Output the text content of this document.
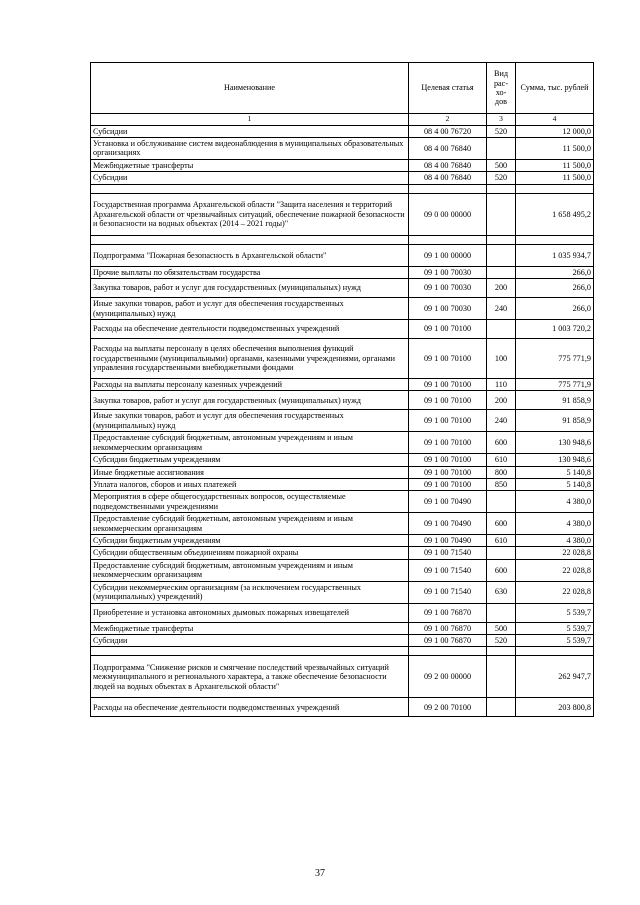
Наименование	Целевая статья	Вид рас- хо- дов	Сумма, тыс. рублей
1	2	3	4
Субсидии	08 4 00 76720	520	12 000,0
Установка и обслуживание систем видеонаблюдения в муниципальных образовательных организациях	08 4 00 76840		11 500,0
Межбюджетные трансферты	08 4 00 76840	500	11 500,0
Субсидии	08 4 00 76840	520	11 500,0

Государственная программа Архангельской области "Защита населения и территорий Архангельской области от чрезвычайных ситуаций, обеспечение пожарной безопасности и безопасности на водных объектах (2014 – 2021 годы)"	09 0 00 00000		1 658 495,2

Подпрограмма "Пожарная безопасность в Архангельской области"	09 1 00 00000		1 035 934,7
Прочие выплаты по обязательствам государства	09 1 00 70030		266,0
Закупка товаров, работ и услуг для государственных (муниципальных) нужд	09 1 00 70030	200	266,0
Иные закупки товаров, работ и услуг для обеспечения государственных (муниципальных) нужд	09 1 00 70030	240	266,0
Расходы на обеспечение деятельности подведомственных учреждений	09 1 00 70100		1 003 720,2
Расходы на выплаты персоналу в целях обеспечения выполнения функций государственными (муниципальными) органами, казенными учреждениями, органами управления государственными внебюджетными фондами	09 1 00 70100	100	775 771,9
Расходы на выплаты персоналу казенных учреждений	09 1 00 70100	110	775 771,9
Закупка товаров, работ и услуг для государственных (муниципальных) нужд	09 1 00 70100	200	91 858,9
Иные закупки товаров, работ и услуг для обеспечения государственных (муниципальных) нужд	09 1 00 70100	240	91 858,9
Предоставление субсидий бюджетным, автономным учреждениям и иным некоммерческим организациям	09 1 00 70100	600	130 948,6
Субсидии бюджетным учреждениям	09 1 00 70100	610	130 948,6
Иные бюджетные ассигнования	09 1 00 70100	800	5 140,8
Уплата налогов, сборов и иных платежей	09 1 00 70100	850	5 140,8
Мероприятия в сфере общегосударственных вопросов, осуществляемые подведомственными учреждениями	09 1 00 70490		4 380,0
Предоставление субсидий бюджетным, автономным учреждениям и иным некоммерческим организациям	09 1 00 70490	600	4 380,0
Субсидии бюджетным учреждениям	09 1 00 70490	610	4 380,0
Субсидии общественным объединениям пожарной охраны	09 1 00 71540		22 028,8
Предоставление субсидий бюджетным, автономным учреждениям и иным некоммерческим организациям	09 1 00 71540	600	22 028,8
Субсидии некоммерческим организациям (за исключением государственных (муниципальных) учреждений)	09 1 00 71540	630	22 028,8
Приобретение и установка автономных дымовых пожарных извещателей	09 1 00 76870		5 539,7
Межбюджетные трансферты	09 1 00 76870	500	5 539,7
Субсидии	09 1 00 76870	520	5 539,7

Подпрограмма "Снижение рисков и смягчение последствий чрезвычайных ситуаций межмуниципального и регионального характера, а также обеспечение безопасности людей на водных объектах в Архангельской области"	09 2 00 00000		262 947,7
Расходы на обеспечение деятельности подведомственных учреждений	09 2 00 70100		203 800,8
37
